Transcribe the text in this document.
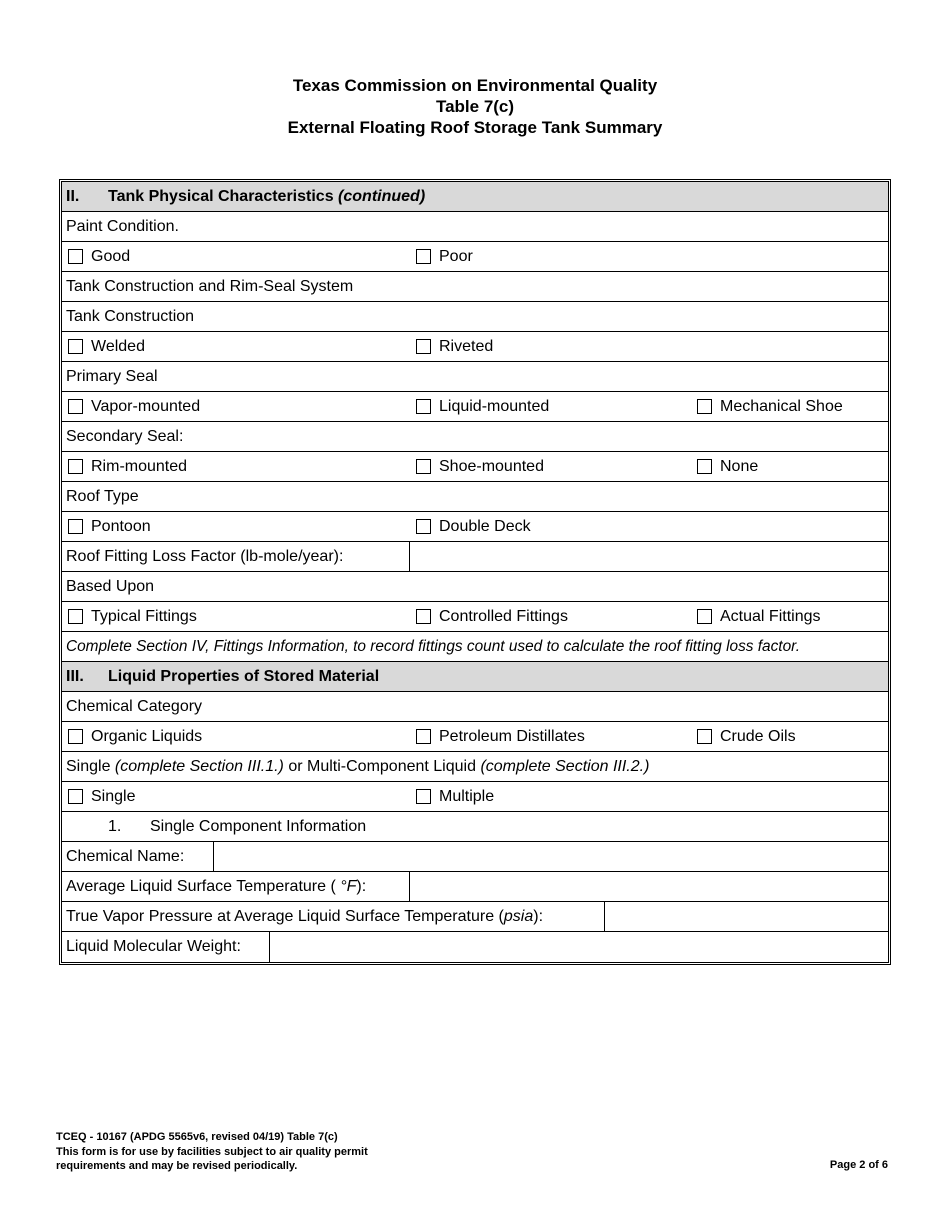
Texas Commission on Environmental Quality
Table 7(c)
External Floating Roof Storage Tank Summary
II. Tank Physical Characteristics (continued)
Paint Condition.
Good	Poor
Tank Construction and Rim-Seal System
Tank Construction
Welded	Riveted
Primary Seal
Vapor-mounted	Liquid-mounted	Mechanical Shoe
Secondary Seal:
Rim-mounted	Shoe-mounted	None
Roof Type
Pontoon	Double Deck
Roof Fitting Loss Factor (lb-mole/year):
Based Upon
Typical Fittings	Controlled Fittings	Actual Fittings
Complete Section IV, Fittings Information, to record fittings count used to calculate the roof fitting loss factor.
III. Liquid Properties of Stored Material
Chemical Category
Organic Liquids	Petroleum Distillates	Crude Oils
Single (complete Section III.1.) or Multi-Component Liquid (complete Section III.2.)
Single	Multiple
1. Single Component Information
Chemical Name:
Average Liquid Surface Temperature ( °F):
True Vapor Pressure at Average Liquid Surface Temperature (psia):
Liquid Molecular Weight:
TCEQ - 10167 (APDG 5565v6, revised 04/19) Table 7(c)
This form is for use by facilities subject to air quality permit
requirements and may be revised periodically.	Page 2 of 6
